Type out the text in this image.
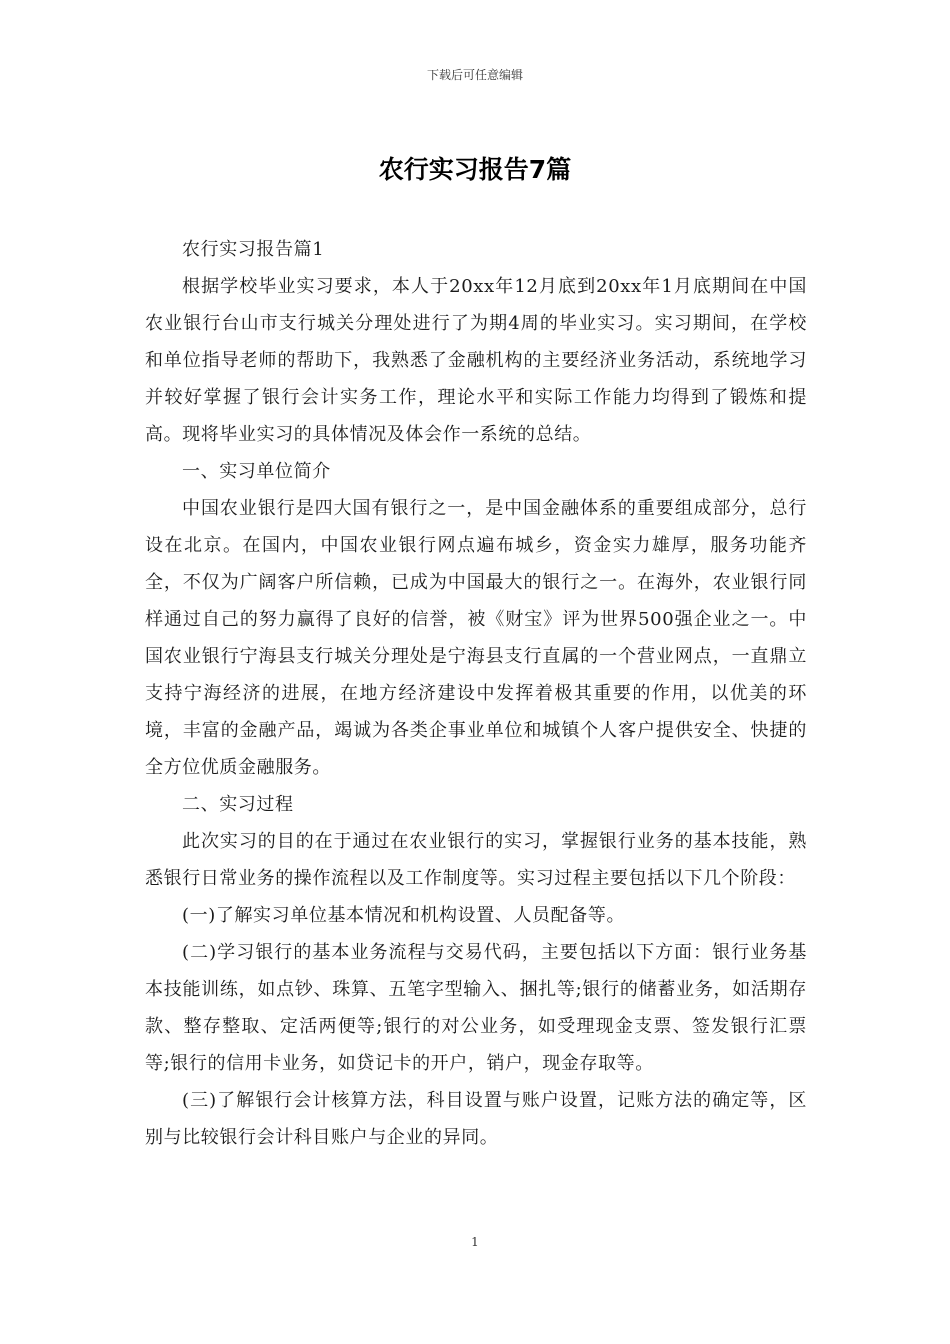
下载后可任意编辑
农行实习报告7篇

农行实习报告篇1

根据学校毕业实习要求，本人于20xx年12月底到20xx年1月底期间在中国农业银行台山市支行城关分理处进行了为期4周的毕业实习。实习期间，在学校和单位指导老师的帮助下，我熟悉了金融机构的主要经济业务活动，系统地学习并较好掌握了银行会计实务工作，理论水平和实际工作能力均得到了锻炼和提高。现将毕业实习的具体情况及体会作一系统的总结。

一、实习单位简介

中国农业银行是四大国有银行之一，是中国金融体系的重要组成部分，总行设在北京。在国内，中国农业银行网点遍布城乡，资金实力雄厚，服务功能齐全，不仅为广阔客户所信赖，已成为中国最大的银行之一。在海外，农业银行同样通过自己的努力赢得了良好的信誉，被《财宝》评为世界500强企业之一。中国农业银行宁海县支行城关分理处是宁海县支行直属的一个营业网点，一直鼎立支持宁海经济的进展，在地方经济建设中发挥着极其重要的作用，以优美的环境，丰富的金融产品，竭诚为各类企事业单位和城镇个人客户提供安全、快捷的全方位优质金融服务。

二、实习过程

此次实习的目的在于通过在农业银行的实习，掌握银行业务的基本技能，熟悉银行日常业务的操作流程以及工作制度等。实习过程主要包括以下几个阶段：

(一)了解实习单位基本情况和机构设置、人员配备等。

(二)学习银行的基本业务流程与交易代码，主要包括以下方面：银行业务基本技能训练，如点钞、珠算、五笔字型输入、捆扎等;银行的储蓄业务，如活期存款、整存整取、定活两便等;银行的对公业务，如受理现金支票、签发银行汇票等;银行的信用卡业务，如贷记卡的开户，销户，现金存取等。

(三)了解银行会计核算方法，科目设置与账户设置，记账方法的确定等，区别与比较银行会计科目账户与企业的异同。

1
